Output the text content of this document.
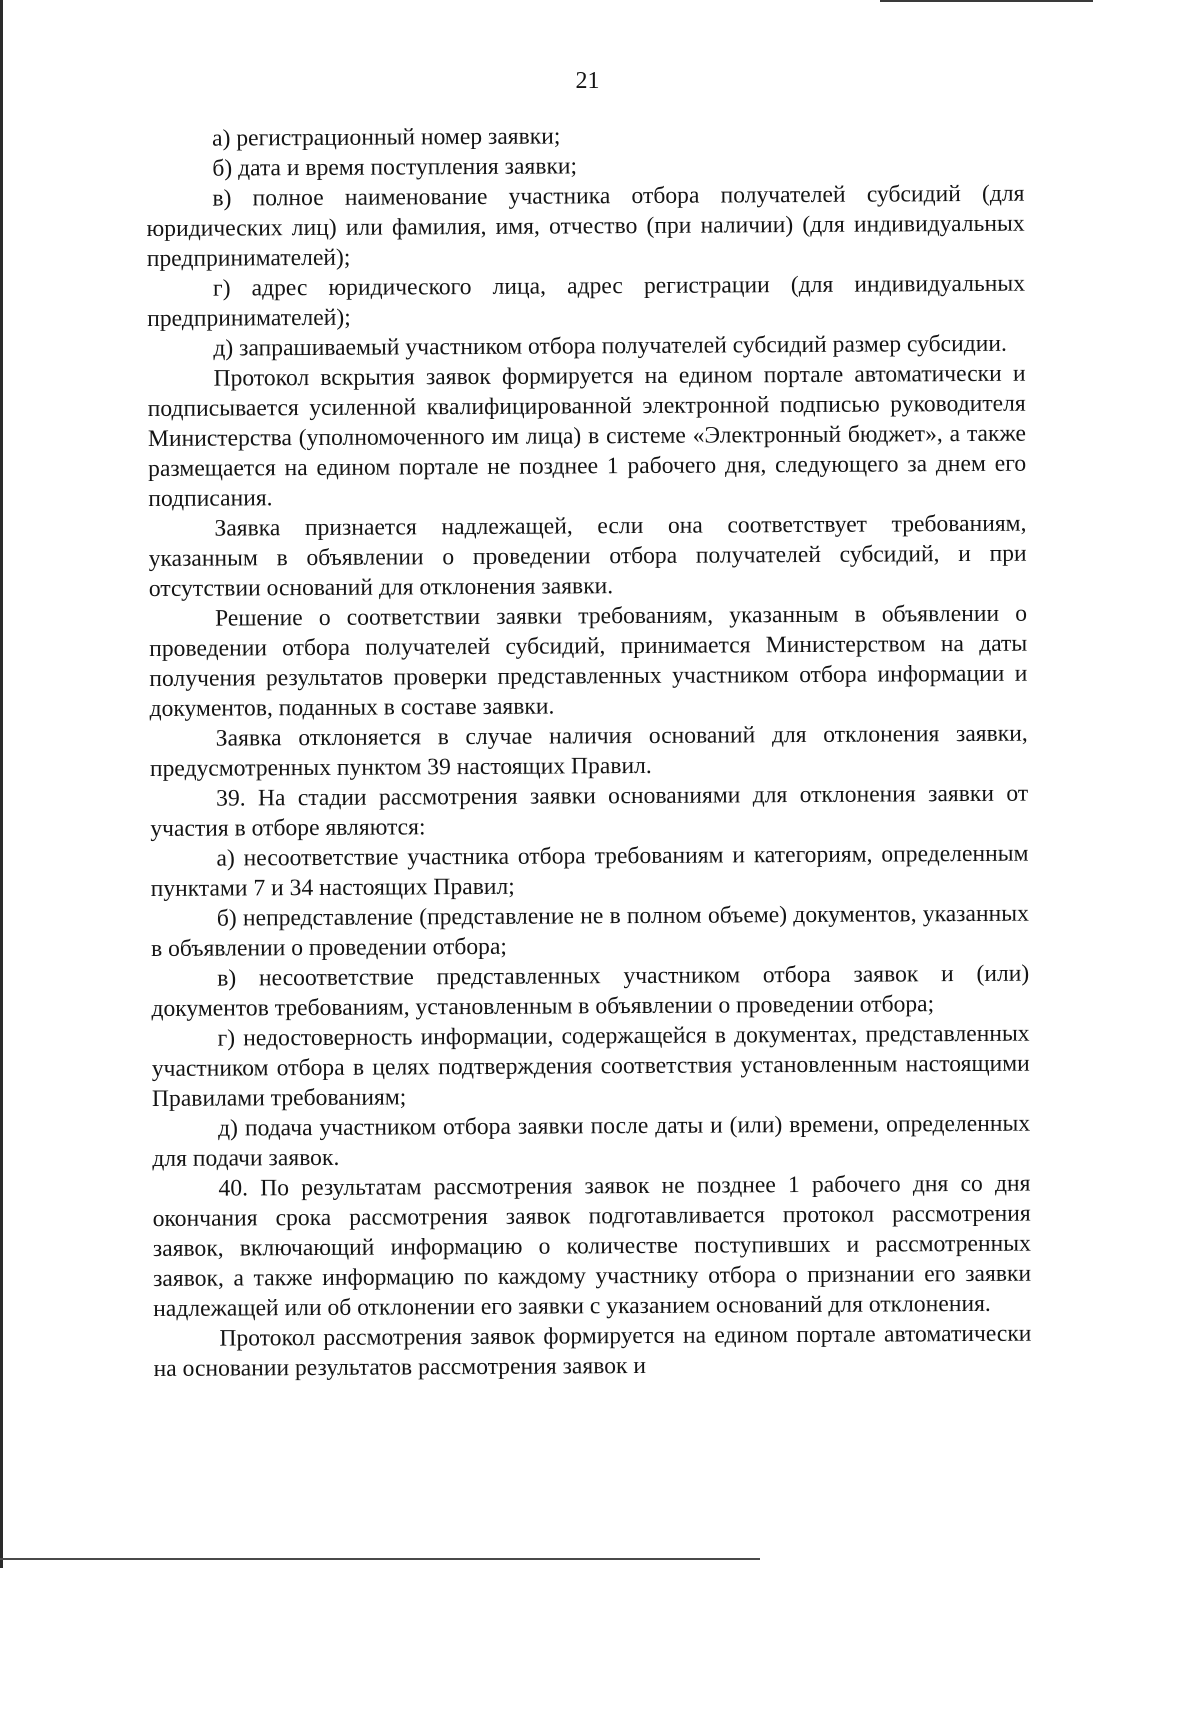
21

а) регистрационный номер заявки;

б) дата и время поступления заявки;

в) полное наименование участника отбора получателей субсидий (для юридических лиц) или фамилия, имя, отчество (при наличии) (для индивидуальных предпринимателей);

г) адрес юридического лица, адрес регистрации (для индивидуальных предпринимателей);

д) запрашиваемый участником отбора получателей субсидий размер субсидии.

Протокол вскрытия заявок формируется на едином портале автоматически и подписывается усиленной квалифицированной электронной подписью руководителя Министерства (уполномоченного им лица) в системе «Электронный бюджет», а также размещается на едином портале не позднее 1 рабочего дня, следующего за днем его подписания.

Заявка признается надлежащей, если она соответствует требованиям, указанным в объявлении о проведении отбора получателей субсидий, и при отсутствии оснований для отклонения заявки.

Решение о соответствии заявки требованиям, указанным в объявлении о проведении отбора получателей субсидий, принимается Министерством на даты получения результатов проверки представленных участником отбора информации и документов, поданных в составе заявки.

Заявка отклоняется в случае наличия оснований для отклонения заявки, предусмотренных пунктом 39 настоящих Правил.

39. На стадии рассмотрения заявки основаниями для отклонения заявки от участия в отборе являются:

а) несоответствие участника отбора требованиям и категориям, определенным пунктами 7 и 34 настоящих Правил;

б) непредставление (представление не в полном объеме) документов, указанных в объявлении о проведении отбора;

в) несоответствие представленных участником отбора заявок и (или) документов требованиям, установленным в объявлении о проведении отбора;

г) недостоверность информации, содержащейся в документах, представленных участником отбора в целях подтверждения соответствия установленным настоящими Правилами требованиям;

д) подача участником отбора заявки после даты и (или) времени, определенных для подачи заявок.

40. По результатам рассмотрения заявок не позднее 1 рабочего дня со дня окончания срока рассмотрения заявок подготавливается протокол рассмотрения заявок, включающий информацию о количестве поступивших и рассмотренных заявок, а также информацию по каждому участнику отбора о признании его заявки надлежащей или об отклонении его заявки с указанием оснований для отклонения.

Протокол рассмотрения заявок формируется на едином портале автоматически на основании результатов рассмотрения заявок и
